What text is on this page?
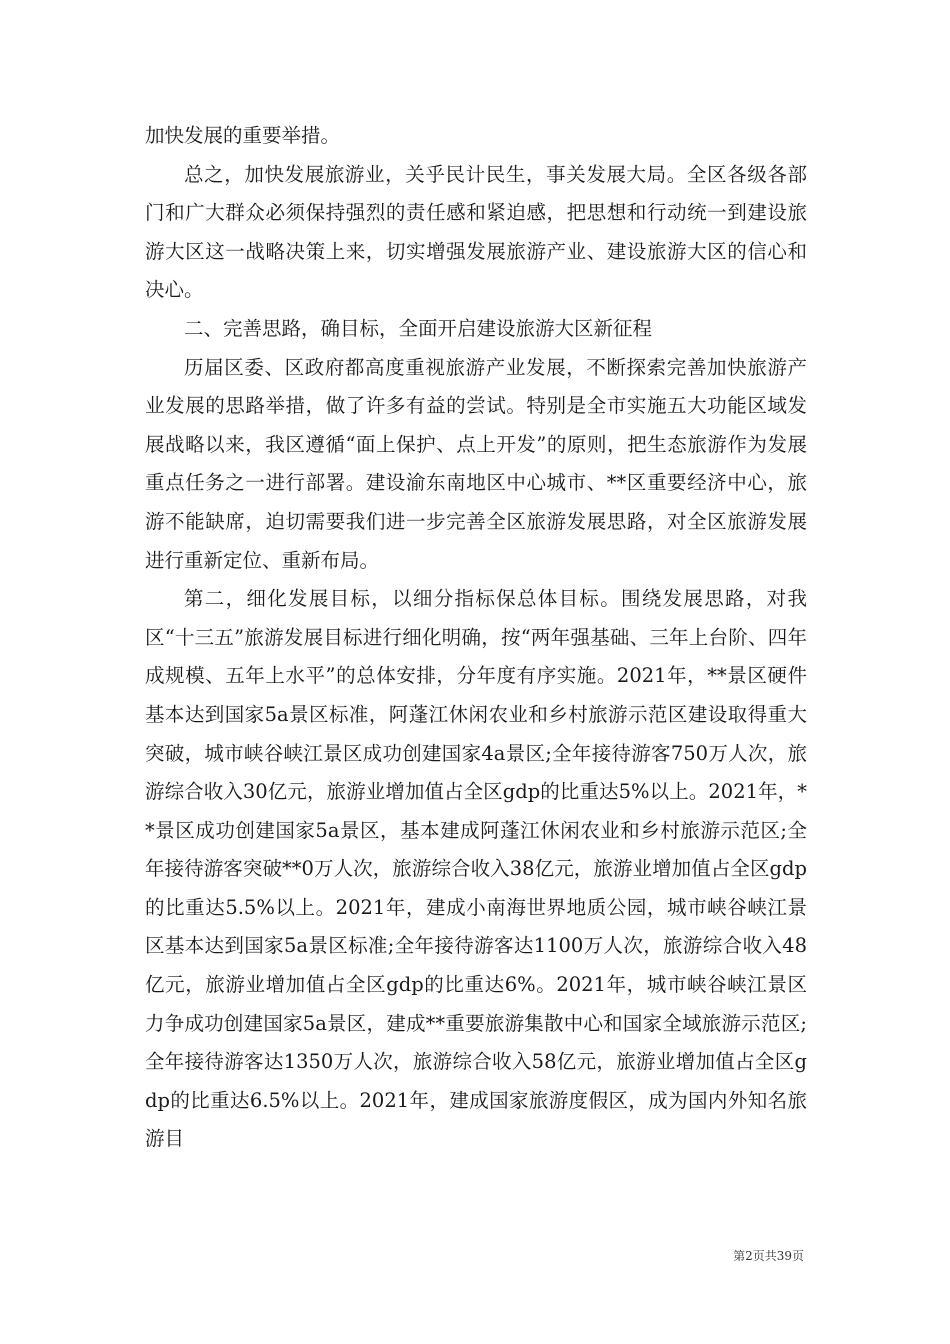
加快发展的重要举措。

总之，加快发展旅游业，关乎民计民生，事关发展大局。全区各级各部门和广大群众必须保持强烈的责任感和紧迫感，把思想和行动统一到建设旅游大区这一战略决策上来，切实增强发展旅游产业、建设旅游大区的信心和决心。

二、完善思路，确目标，全面开启建设旅游大区新征程

历届区委、区政府都高度重视旅游产业发展，不断探索完善加快旅游产业发展的思路举措，做了许多有益的尝试。特别是全市实施五大功能区域发展战略以来，我区遵循“面上保护、点上开发”的原则，把生态旅游作为发展重点任务之一进行部署。建设渝东南地区中心城市、**区重要经济中心，旅游不能缺席，迫切需要我们进一步完善全区旅游发展思路，对全区旅游发展进行重新定位、重新布局。

第二，细化发展目标，以细分指标保总体目标。围绕发展思路，对我区“十三五”旅游发展目标进行细化明确，按“两年强基础、三年上台阶、四年成规模、五年上水平”的总体安排，分年度有序实施。2021年，**景区硬件基本达到国家5a景区标准，阿蓬江休闲农业和乡村旅游示范区建设取得重大突破，城市峡谷峡江景区成功创建国家4a景区;全年接待游客750万人次，旅游综合收入30亿元，旅游业增加值占全区gdp的比重达5%以上。2021年，**景区成功创建国家5a景区，基本建成阿蓬江休闲农业和乡村旅游示范区;全年接待游客突破**0万人次，旅游综合收入38亿元，旅游业增加值占全区gdp的比重达5.5%以上。2021年，建成小南海世界地质公园，城市峡谷峡江景区基本达到国家5a景区标准;全年接待游客达1100万人次，旅游综合收入48亿元，旅游业增加值占全区gdp的比重达6%。2021年，城市峡谷峡江景区力争成功创建国家5a景区，建成**重要旅游集散中心和国家全域旅游示范区;全年接待游客达1350万人次，旅游综合收入58亿元，旅游业增加值占全区gdp的比重达6.5%以上。2021年，建成国家旅游度假区，成为国内外知名旅游目

第2页共39页
